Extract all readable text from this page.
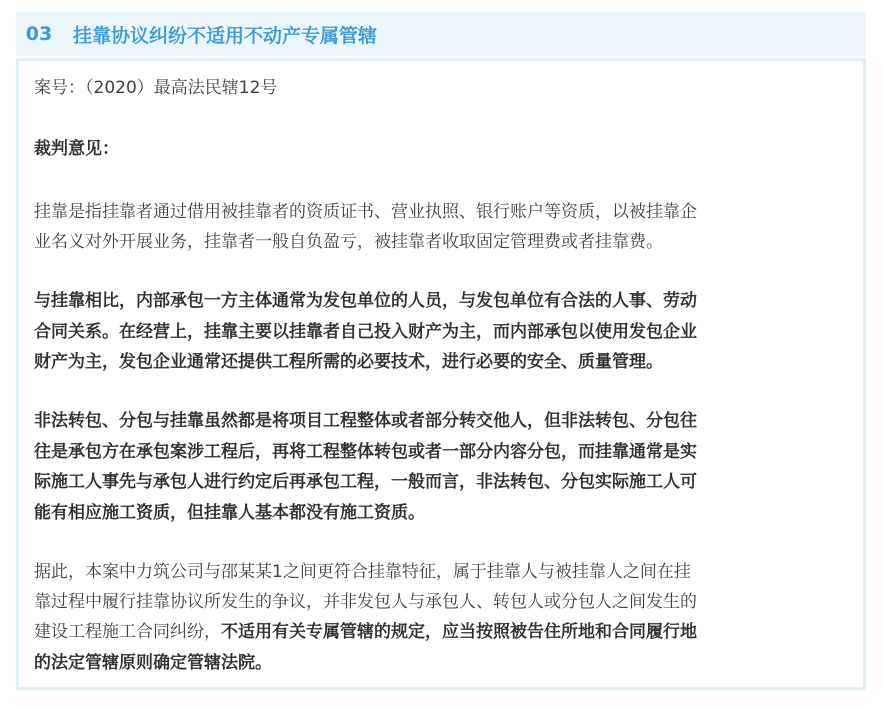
03	挂靠协议纠纷不适用不动产专属管辖

案号：（2020）最高法民辖12号

裁判意见：

挂靠是指挂靠者通过借用被挂靠者的资质证书、营业执照、银行账户等资质，以被挂靠企

业名义对外开展业务，挂靠者一般自负盈亏，被挂靠者收取固定管理费或者挂靠费。

与挂靠相比，内部承包一方主体通常为发包单位的人员，与发包单位有合法的人事、劳动

合同关系。在经营上，挂靠主要以挂靠者自己投入财产为主，而内部承包以使用发包企业

财产为主，发包企业通常还提供工程所需的必要技术，进行必要的安全、质量管理。

非法转包、分包与挂靠虽然都是将项目工程整体或者部分转交他人，但非法转包、分包往

往是承包方在承包案涉工程后，再将工程整体转包或者一部分内容分包，而挂靠通常是实

际施工人事先与承包人进行约定后再承包工程，一般而言，非法转包、分包实际施工人可

能有相应施工资质，但挂靠人基本都没有施工资质。

据此，本案中力筑公司与邵某某1之间更符合挂靠特征，属于挂靠人与被挂靠人之间在挂

靠过程中履行挂靠协议所发生的争议，并非发包人与承包人、转包人或分包人之间发生的

建设工程施工合同纠纷，不适用有关专属管辖的规定，应当按照被告住所地和合同履行地

的法定管辖原则确定管辖法院。
